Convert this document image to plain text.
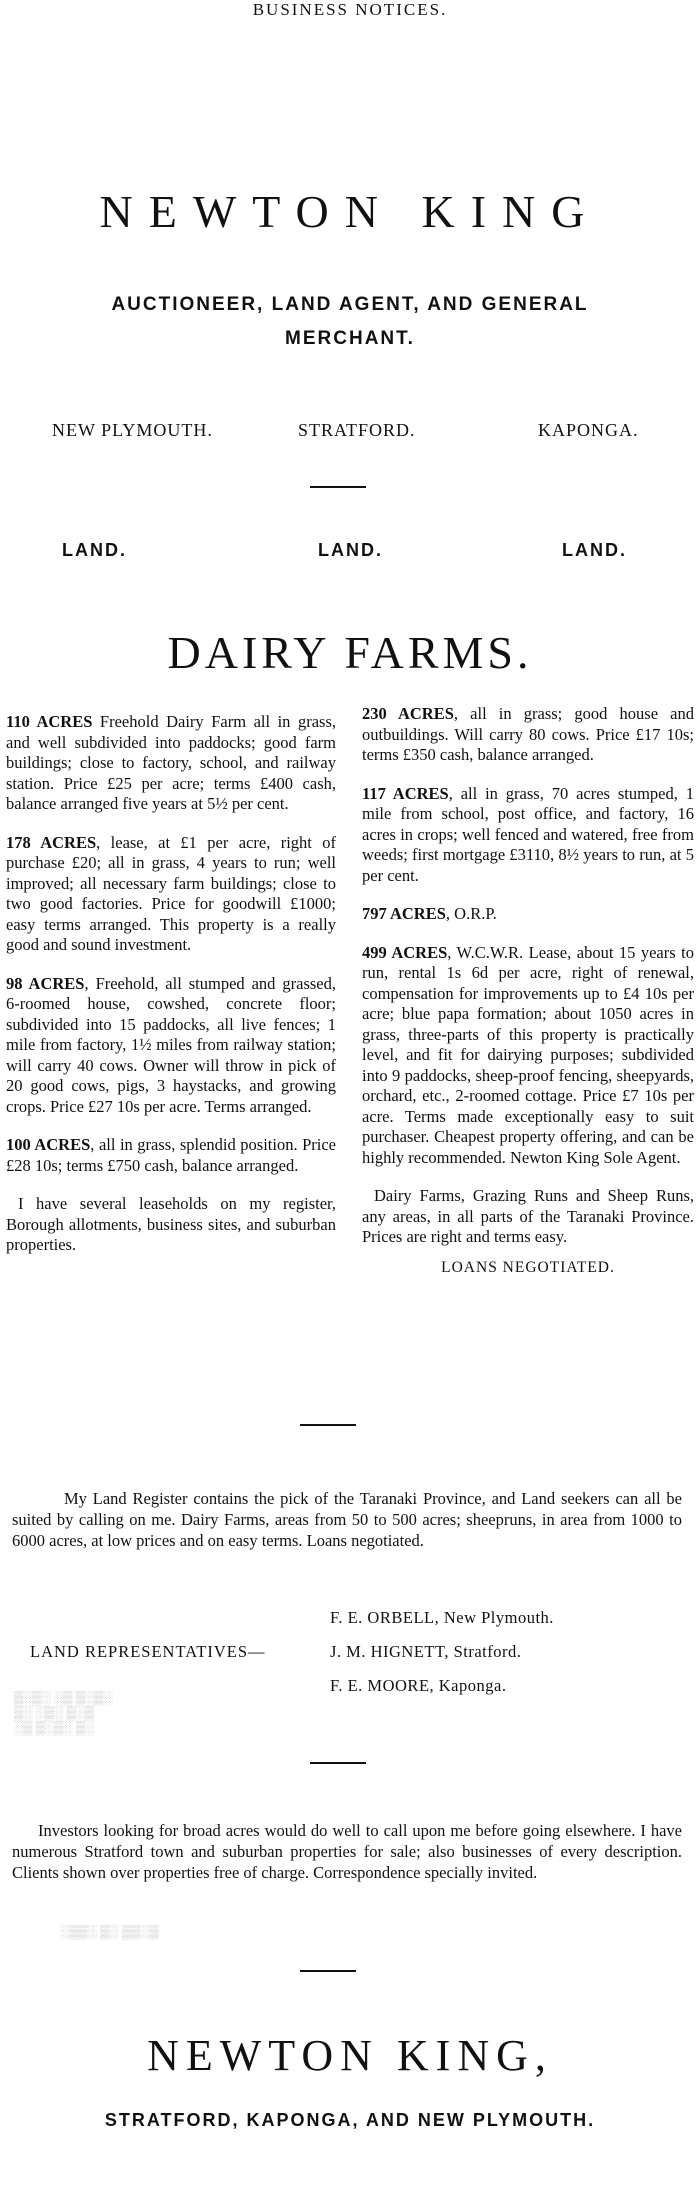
BUSINESS NOTICES.
NEWTON KING
AUCTIONEER, LAND AGENT, AND GENERAL
MERCHANT.
NEW PLYMOUTH.	STRATFORD.	KAPONGA.
LAND.	LAND.	LAND.
DAIRY FARMS.

110 ACRES Freehold Dairy Farm all in grass, and well subdivided into paddocks; good farm buildings; close to factory, school, and railway station. Price £25 per acre; terms £400 cash, balance arranged five years at 5½ per cent.

178 ACRES, lease, at £1 per acre, right of purchase £20; all in grass, 4 years to run; well improved; all necessary farm buildings; close to two good factories. Price for goodwill £1000; easy terms arranged. This property is a really good and sound investment.

98 ACRES, Freehold, all stumped and grassed, 6-roomed house, cowshed, concrete floor; subdivided into 15 paddocks, all live fences; 1 mile from factory, 1½ miles from railway station; will carry 40 cows. Owner will throw in pick of 20 good cows, pigs, 3 haystacks, and growing crops. Price £27 10s per acre. Terms arranged.

100 ACRES, all in grass, splendid position. Price £28 10s; terms £750 cash, balance arranged.

I have several leaseholds on my register, Borough allotments, business sites, and suburban properties.

230 ACRES, all in grass; good house and outbuildings. Will carry 80 cows. Price £17 10s; terms £350 cash, balance arranged.

117 ACRES, all in grass, 70 acres stumped, 1 mile from school, post office, and factory, 16 acres in crops; well fenced and watered, free from weeds; first mortgage £3110, 8½ years to run, at 5 per cent.

797 ACRES, O.R.P.

499 ACRES, W.C.W.R. Lease, about 15 years to run, rental 1s 6d per acre, right of renewal, compensation for improvements up to £4 10s per acre; blue papa formation; about 1050 acres in grass, three-parts of this property is practically level, and fit for dairying purposes; subdivided into 9 paddocks, sheep-proof fencing, sheepyards, orchard, etc., 2-roomed cottage. Price £7 10s per acre. Terms made exceptionally easy to suit purchaser. Cheapest property offering, and can be highly recommended. Newton King Sole Agent.

Dairy Farms, Grazing Runs and Sheep Runs, any areas, in all parts of the Taranaki Province. Prices are right and terms easy.

LOANS NEGOTIATED.
My Land Register contains the pick of the Taranaki Province, and Land seekers can all be suited by calling on me. Dairy Farms, areas from 50 to 500 acres; sheepruns, in area from 1000 to 6000 acres, at low prices and on easy terms. Loans negotiated.
LAND REPRESENTATIVES—
F. E. ORBELL, New Plymouth.
J. M. HIGNETT, Stratford.
F. E. MOORE, Kaponga.
▒░▒░ ░▒ ▒░▒░
▒░ ░▒░ ▒░▒
░▒ ▒░▒░ ▒░
Investors looking for broad acres would do well to call upon me before going elsewhere. I have numerous Stratford town and suburban properties for sale; also businesses of every description. Clients shown over properties free of charge. Correspondence specially invited.
░▒▒░ ▒░ ▒▒░▒
NEWTON KING,
STRATFORD, KAPONGA, AND NEW PLYMOUTH.
